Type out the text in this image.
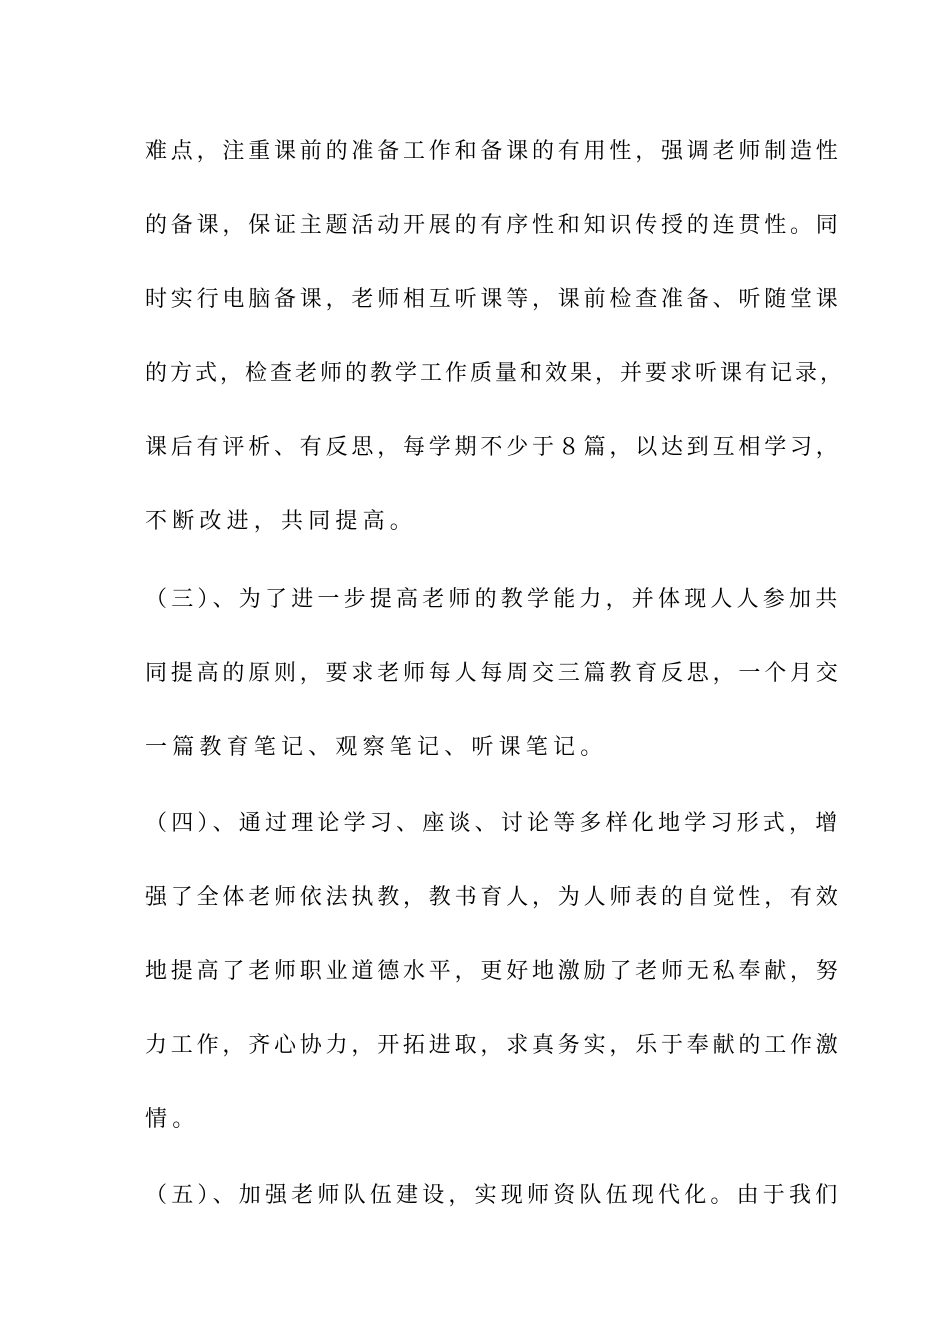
难点，注重课前的准备工作和备课的有用性，强调老师制造性
的备课，保证主题活动开展的有序性和知识传授的连贯性。同
时实行电脑备课，老师相互听课等，课前检查准备、听随堂课
的方式，检查老师的教学工作质量和效果，并要求听课有记录，
课后有评析、有反思，每学期不少于８篇，以达到互相学习，
不断改进，共同提高。
（三）、为了进一步提高老师的教学能力，并体现人人参加共
同提高的原则，要求老师每人每周交三篇教育反思，一个月交
一篇教育笔记、观察笔记、听课笔记。
（四）、通过理论学习、座谈、讨论等多样化地学习形式，增
强了全体老师依法执教，教书育人，为人师表的自觉性，有效
地提高了老师职业道德水平，更好地激励了老师无私奉献，努
力工作，齐心协力，开拓进取，求真务实，乐于奉献的工作激
情。
（五）、加强老师队伍建设，实现师资队伍现代化。由于我们
